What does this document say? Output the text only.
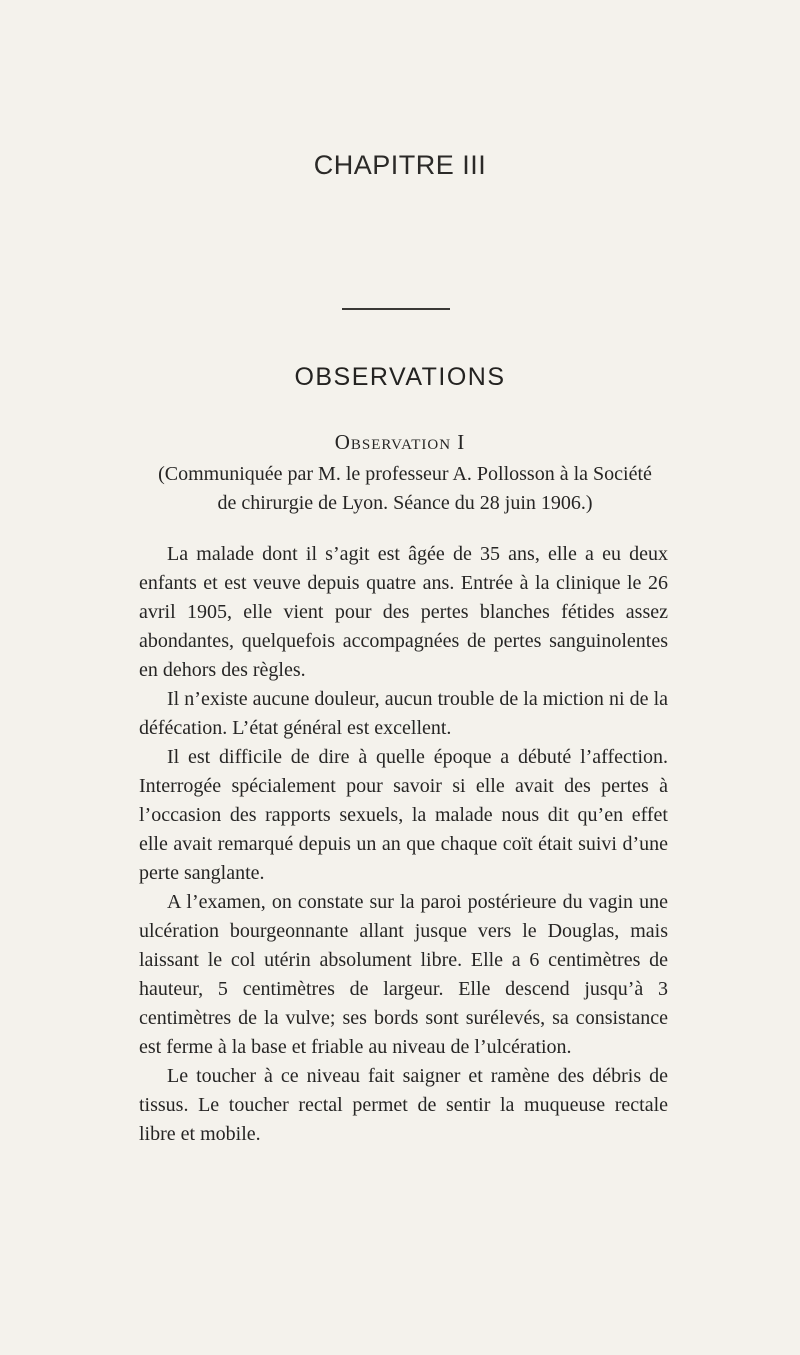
CHAPITRE III
OBSERVATIONS
Observation I

(Communiquée par M. le professeur A. Pollosson à la Société de chirurgie de Lyon. Séance du 28 juin 1906.)

La malade dont il s’agit est âgée de 35 ans, elle a eu deux enfants et est veuve depuis quatre ans. Entrée à la clinique le 26 avril 1905, elle vient pour des pertes blanches fétides assez abondantes, quelquefois accompagnées de pertes sanguinolentes en dehors des règles.

Il n’existe aucune douleur, aucun trouble de la miction ni de la défécation. L’état général est excellent.

Il est difficile de dire à quelle époque a débuté l’affection. Interrogée spécialement pour savoir si elle avait des pertes à l’occasion des rapports sexuels, la malade nous dit qu’en effet elle avait remarqué depuis un an que chaque coït était suivi d’une perte sanglante.

A l’examen, on constate sur la paroi postérieure du vagin une ulcération bourgeonnante allant jusque vers le Douglas, mais laissant le col utérin absolument libre. Elle a 6 centimètres de hauteur, 5 centimètres de largeur. Elle descend jusqu’à 3 centimètres de la vulve; ses bords sont surélevés, sa consistance est ferme à la base et friable au niveau de l’ulcération.

Le toucher à ce niveau fait saigner et ramène des débris de tissus. Le toucher rectal permet de sentir la muqueuse rectale libre et mobile.
